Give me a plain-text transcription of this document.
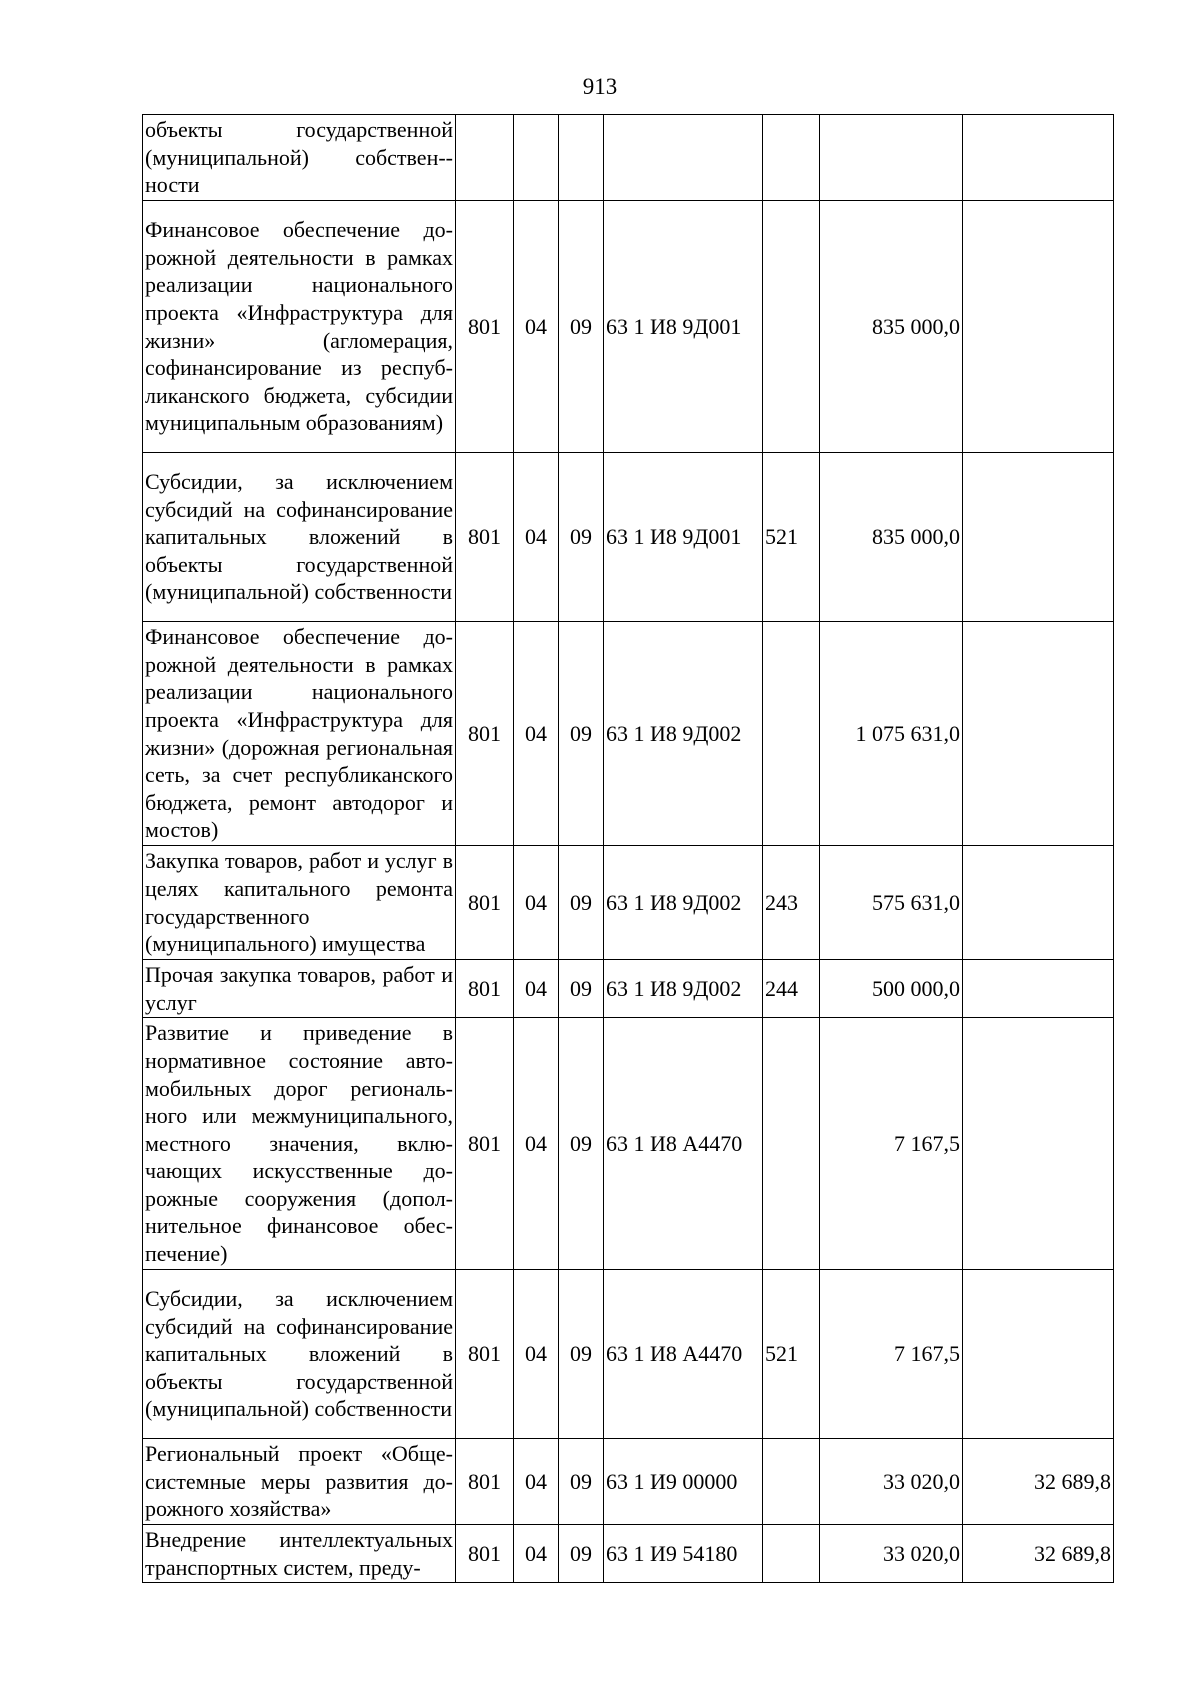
913
объекты государственной (муниципальной) собствен-ности							
Финансовое обеспечение дорожной деятельности в рамках реализации национального проекта «Инфраструктура для жизни» (агломерация, софинансирование из республиканского бюджета, субсидии муниципальным образованиям)	801	04	09	63 1 И8 9Д001		835 000,0	
Субсидии, за исключением субсидий на софинансирование капитальных вложений в объекты государственной (муниципальной) собственности	801	04	09	63 1 И8 9Д001	521	835 000,0	
Финансовое обеспечение дорожной деятельности в рамках реализации национального проекта «Инфраструктура для жизни» (дорожная региональная сеть, за счет республиканского бюджета, ремонт автодорог и мостов)	801	04	09	63 1 И8 9Д002		1 075 631,0	
Закупка товаров, работ и услуг в целях капитального ремонта государственного (муниципального) имущества	801	04	09	63 1 И8 9Д002	243	575 631,0	
Прочая закупка товаров, работ и услуг	801	04	09	63 1 И8 9Д002	244	500 000,0	
Развитие и приведение в нормативное состояние автомобильных дорог регионального или межмуниципального, местного значения, включающих искусственные дорожные сооружения (дополнительное финансовое обеспечение)	801	04	09	63 1 И8 А4470		7 167,5	
Субсидии, за исключением субсидий на софинансирование капитальных вложений в объекты государственной (муниципальной) собственности	801	04	09	63 1 И8 А4470	521	7 167,5	
Региональный проект «Общесистемные меры развития дорожного хозяйства»	801	04	09	63 1 И9 00000		33 020,0	32 689,8
Внедрение интеллектуальных транспортных систем, преду-	801	04	09	63 1 И9 54180		33 020,0	32 689,8
